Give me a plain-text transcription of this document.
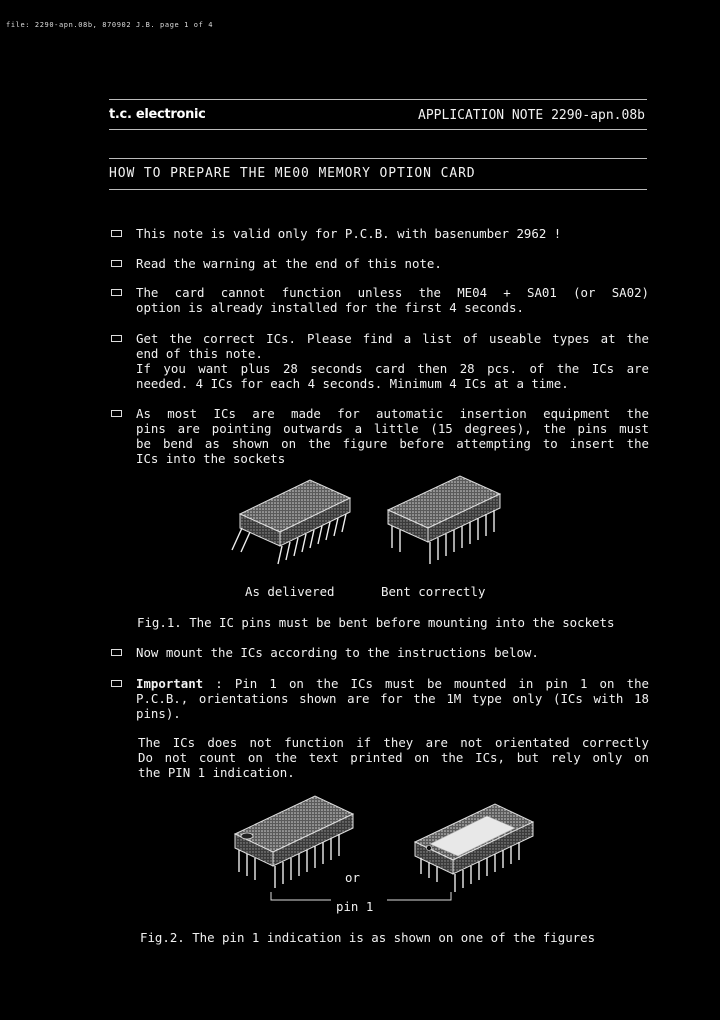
file: 2290-apn.08b, 870902 J.B. page 1 of 4
t.c. electronic	APPLICATION NOTE 2290-apn.08b
HOW TO PREPARE THE ME00 MEMORY OPTION CARD
This note is valid only for P.C.B. with basenumber 2962 !
Read the warning at the end of this note.
The card cannot function unless the ME04 + SA01 (or SA02)
option is already installed for the first 4 seconds.
Get the correct ICs. Please find a list of useable types at the
end of this note.
If you want plus 28 seconds card then 28 pcs. of the ICs are
needed. 4 ICs for each 4 seconds. Minimum 4 ICs at a time.
As most ICs are made for automatic insertion equipment the
pins are pointing outwards a little (15 degrees), the pins must
be bend as shown on the figure before attempting to insert the
ICs into the sockets
As delivered	Bent correctly
Fig.1. The IC pins must be bent before mounting into the sockets
Now mount the ICs according to the instructions below.
Important : Pin 1 on the ICs must be mounted in pin 1 on the
P.C.B., orientations shown are for the 1M type only (ICs with 18
pins).
The ICs does not function if they are not orientated correctly
Do not count on the text printed on the ICs, but rely only on
the PIN 1 indication.
or
pin 1
Fig.2. The pin 1 indication is as shown on one of the figures
